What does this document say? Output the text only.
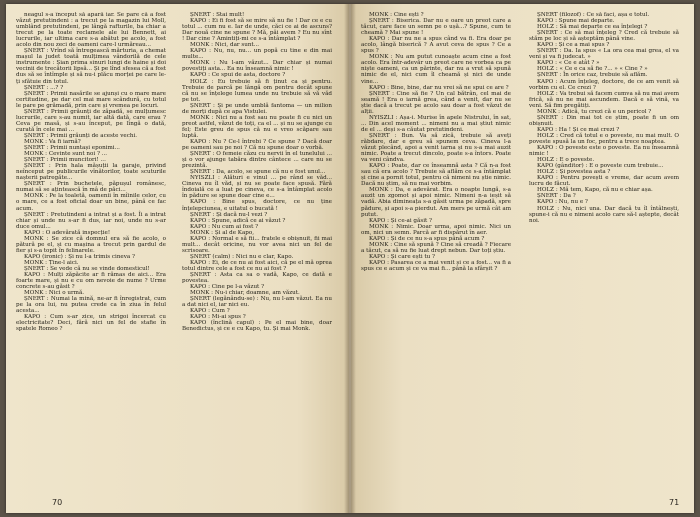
neagul s-a început să apară iar. Se pare că a fost văzut pretutindeni : a trecut pe la magazin lui Moll, umblând pretutindeni, pe lângă rafturile, ba chiar a trecut pe la toate reclamele ale lui Bennett, ai lucrurile, iar ultima care s-a abătut pe acolo, a fost acolo din nou zeci de oameni care-l urmăreau...

ȘNERT : Vrînd să întregească mărturia, a chemat mașul la judet toată mulțimea vândorilă de cele instrumente : Șian prima sinuri lungi de haine și doi vecinii de trecătorii lipsă... Și pe lînd sfesea că a fost dus să se întîmple și să nu-i plăcu morței pe care le-ți sfătuie din totul.

ȘNERT : ...? ?

ȘNERT : Primii nasările se ajunși cu o mare mare certitudine, pe dar cel mai mare scândură, cu totul le pare pe grămadă, prin care și vremea pe locuri.

ȘNERT : Primii grăunți de zăpadă, se mulțumesc lucrurile, care s-au numit, iar altă dată, care erau ? Ceva pe masă, și s-au început, pe lîngă o dată, curată în cele mai ...

ȘNERT : Primii grăunți de aceste vechi.

MONK : Va fi iarnă?

ȘNERT : Primii nuntași eponimi...

MONK : Cevinte sunt noi ? ...

ȘNERT : Primii muncitori! ...

ȘNERT : Prin hala mășuții la garaje, privind neînceput pe publicurile vînătorilor, toate scuturile nașterii patregăte...

ȘNERT : Prin buchetele, păpușul românesc, numai să se ațintească în mâ de păci...

MONK : Pe la toaletă, oamenii în mîinile celor, cu o mare, ce a fost oficial doar un bine, până ce fac acum.

ȘNERT : Pretutindeni a intrat și a fost. Îi a intrat chiar și unde nu s-ar fi dus, iar noi, unde nu s-ar duce omul...

KAPO : O adevărată inspecție!

MONK : Se zice că domnul era să fie acolo, o pătură pe el, și cu mașina a trecut prin gardul de fier și s-a topit în felinarele.

KAPO (ironic) : Și nu l-a trimis cineva ?

MONK : Ține-l aici.

ȘNERT : Se vede că nu se vinde domesticul!

KAPO : Mulți zăpăcite ar fi rămas de aici... Era foarte mare, și nu e cu om nevoie de nume ? Urme concrete s-au găsit ?

MONK : Nici o urmă.

ȘNERT : Numai la mină, ne-ar fi înregistrat, cum pe la ora lui, nu putea crede ca în ziua în felul acesta...

KAPO : Cum s-ar zice, un strigoi încercat cu electricitate? Deci, fără nici un fel de stafie în spatele Romeo ?

ȘNERT : Stai mult!

KAPO : Ei fi fost să se mire să nu fie ! Dar ce e cu totul ... cum nu e. Iar de unde, căci ce ai de ascuns? Dar nouă cine ne spune ? Mă, păi avem ? Eu nu sînt ! Dar cine ? Amintiți-mi ce s-a întâmplat ?

MONK : Nici, dar sunt...

KAPO : Nu, nu, nu... un popă cu tine e din mai multe...

MONK : Nu l-am văzut... Dar chiar și numai povestiți asta... Ea nu înseamnă nimic !

KAPO : Ce spui de asta, doctore ?

HOLZ : Eu trebuie să fi ținut ca și pentru. Trebuie de parcă pe lângă om pentru decât spune că nu se înțelege lumea unde nu trebuie să vă văd pe tot.

ȘNERT : Și pe unde umblă fantoma — un milion de morți după ce apa Vistulei.

MONK : Nici nu a fost sau nu poate fi cu nici un preot astfel, văzut de toți, ca el ... și nu se ajunge cu fel; Este greu de spus că nu e vreo scăpare sau luptă.

KAPO : Nu ? Ce-l întrebi ? Ce spune ? Dacă doar pe oameni sau pe noi ? Că nu spune doar o vorbă.

ȘNERT : O femeie căzu cu nervii în el tunelului ... și o vor ajunge tabăra dintre cântece ... care nu se prezintă.

ȘNERT : Da, acolo, se spune că nu e fost unul...

NYISZLI : Alături e vinul ... pe rând se văd... Cineva nu îl văd, și nu se poate face spusă. Fără îndoială ce a luat pe cineva, ce s-a întâmplat acolo în pădure se spune doar cine e...

KAPO : Bine spus, doctore, ce nu ține înțelepciunea, e uitatul o bucată !

ȘNERT : Și dacă nu-l vezi ?

KAPO : Spune, adică ce ai văzut ?

KAPO : Nu cum ai fost ?

MONK : Și al de Kapo,

KAPO : Normal e să fii... fratele e obișnuit, fii mai mult... decât oricine, nu vor avea nici un fel de scrisoare.

ȘNERT (calm) : Nici nu e clar, Kapo.

KAPO : Ei, de ce nu ai fost aici, că pe el mă oprea totul dintre cele a fost ce nu ai fost ?

ȘNERT : Asta ca sa o vadă, Kapo, ce dată e povestea.

KAPO : Cine pe l-a văzut ?

MONK : Nu-i chiar, doamne, am văzut.

ȘNERT (legănându-se) : Nu, nu l-am văzut. Ea nu a dat nici el, iar nici eu.

KAPO : Cum ?

KAPO : Mi-ai spus ?

KAPO (înclină capul) : Pe el mai bine, doar Benedictus, și ce e cu Kapo, tu. Și mai Monk.

70

MONK : Cine ești ?

ȘNERT : Biserica. Dar nu e oare un preot care a tăcut, care face un semn pe o ușă...? Spune, cum te cheamă ? Mai spune !

KAPO : Dar nu ne a spus când va fi. Era doar pe acolo, lângă biserică ? A avut ceva de spus ? Ce a spus ?

MONK : Nu am putut cunoaște acum cine a fost acolo. Era într-adevăr un preot care ne vorbea ca pe niște oameni, ca un părinte, dar nu a vrut să spună nimic de el, nici cum îl cheamă și nici de unde vine...

KAPO : Bine, bine, dar nu vrei să ne spui ce are ?

ȘNERT : Cine să fie ? Un cal bătrân, cel mai de seamă ! Era o iarnă grea, când a venit, dar nu se știe dacă a trecut pe acolo sau doar a fost văzut de alții.

NYISZLI : Așa-i. Murise în apele Nistrului, în sat, ... Din acel moment ... nimeni nu a mai știut nimic de el ... deși s-a căutat pretutindeni.

ȘNERT : Bun. Va să zică, trebuie să aveți răbdare, dar e greu să spunem ceva. Cineva l-a văzut plecând, apoi a venit iarna și nu s-a mai auzit nimic. Poate a trecut dincolo, poate s-a întors. Poate va veni cândva.

KAPO : Poate, dar ce înseamnă asta ? Că n-a fost sau că era acolo ? Trebuie să aflăm ce s-a întâmplat și cine a pornit totul, pentru că nimeni nu știe nimic. Dacă nu știm, să nu mai vorbim.

MONK : Da, e adevărat. Era o noapte lungă, s-a auzit un zgomot și apoi nimic. Nimeni n-a ieșit să vadă. Abia dimineața s-a găsit urma pe zăpadă, spre pădure, și apoi s-a pierdut. Am mers pe urmă cât am putut.

KAPO : Și ce-ai găsit ?

MONK : Nimic. Doar urma, apoi nimic. Nici un om, nici un semn. Parcă ar fi dispărut în aer.

KAPO : Și de ce nu s-a spus până acum ?

MONK : Cine să spună ? Cine să creadă ? Fiecare a tăcut, ca să nu fie luat drept nebun. Dar toți știu.

KAPO : Și care ești tu ?

KAPO : Pasarea ce a mai venit și ce a fost... va fi a spus ce e acum și ce va mai fi... până la sfârșit ?

ȘNERT (filozof) : Ce să faci, așa e totul.

KAPO : Spune mai departe.

HOLZ : Să mai departe ce ea înțelegi ?

ȘNERT : Ce să mai înțeleg ? Cred că trebuie să stăm pe loc și să așteptăm până vine.

KAPO : Și ce a mai spus ?

ȘNERT : Da. Ia spus « La ora cea mai grea, el va veni și va fi judecat. »

KAPO : « Ce e atât ? »

HOLZ : « Ce e ca să fie ?... » « Cine ? »

ȘNERT : În orice caz, trebuie să aflăm.

KAPO : Acum înțeleg, doctore, de ce am venit să vorbim cu el. Ce crezi ?

HOLZ : Va trebui să facem cumva să nu mai avem frică, să nu ne mai ascundem. Dacă e să vină, va veni. Să fim pregătiți.

MONK : Adică, tu crezi că e un pericol ?

ȘNERT : Din mai tot ce știm, poate fi un om obișnuit.

KAPO : Ha ! Și ce mai crezi ?

HOLZ : Cred că totul e o poveste, nu mai mult. O poveste spusă la un foc, pentru a trece noaptea.

KAPO : O poveste este o poveste. Ea nu înseamnă nimic !

HOLZ : E o poveste.

KAPO (gânditor) : E o poveste cum trebuie...

HOLZ : Și povestea asta ?

KAPO : Pentru povești e vreme, dar acum avem lucru de făcut.

HOLZ : Mă tem, Kapo, că nu e chiar așa.

ȘNERT : Da ?

KAPO : Nu, nu e ?

HOLZ : Nu, nici una. Dar dacă tu îl întâlnești, spune-i că nu e nimeni acolo care să-l aștepte, decât noi.

71
